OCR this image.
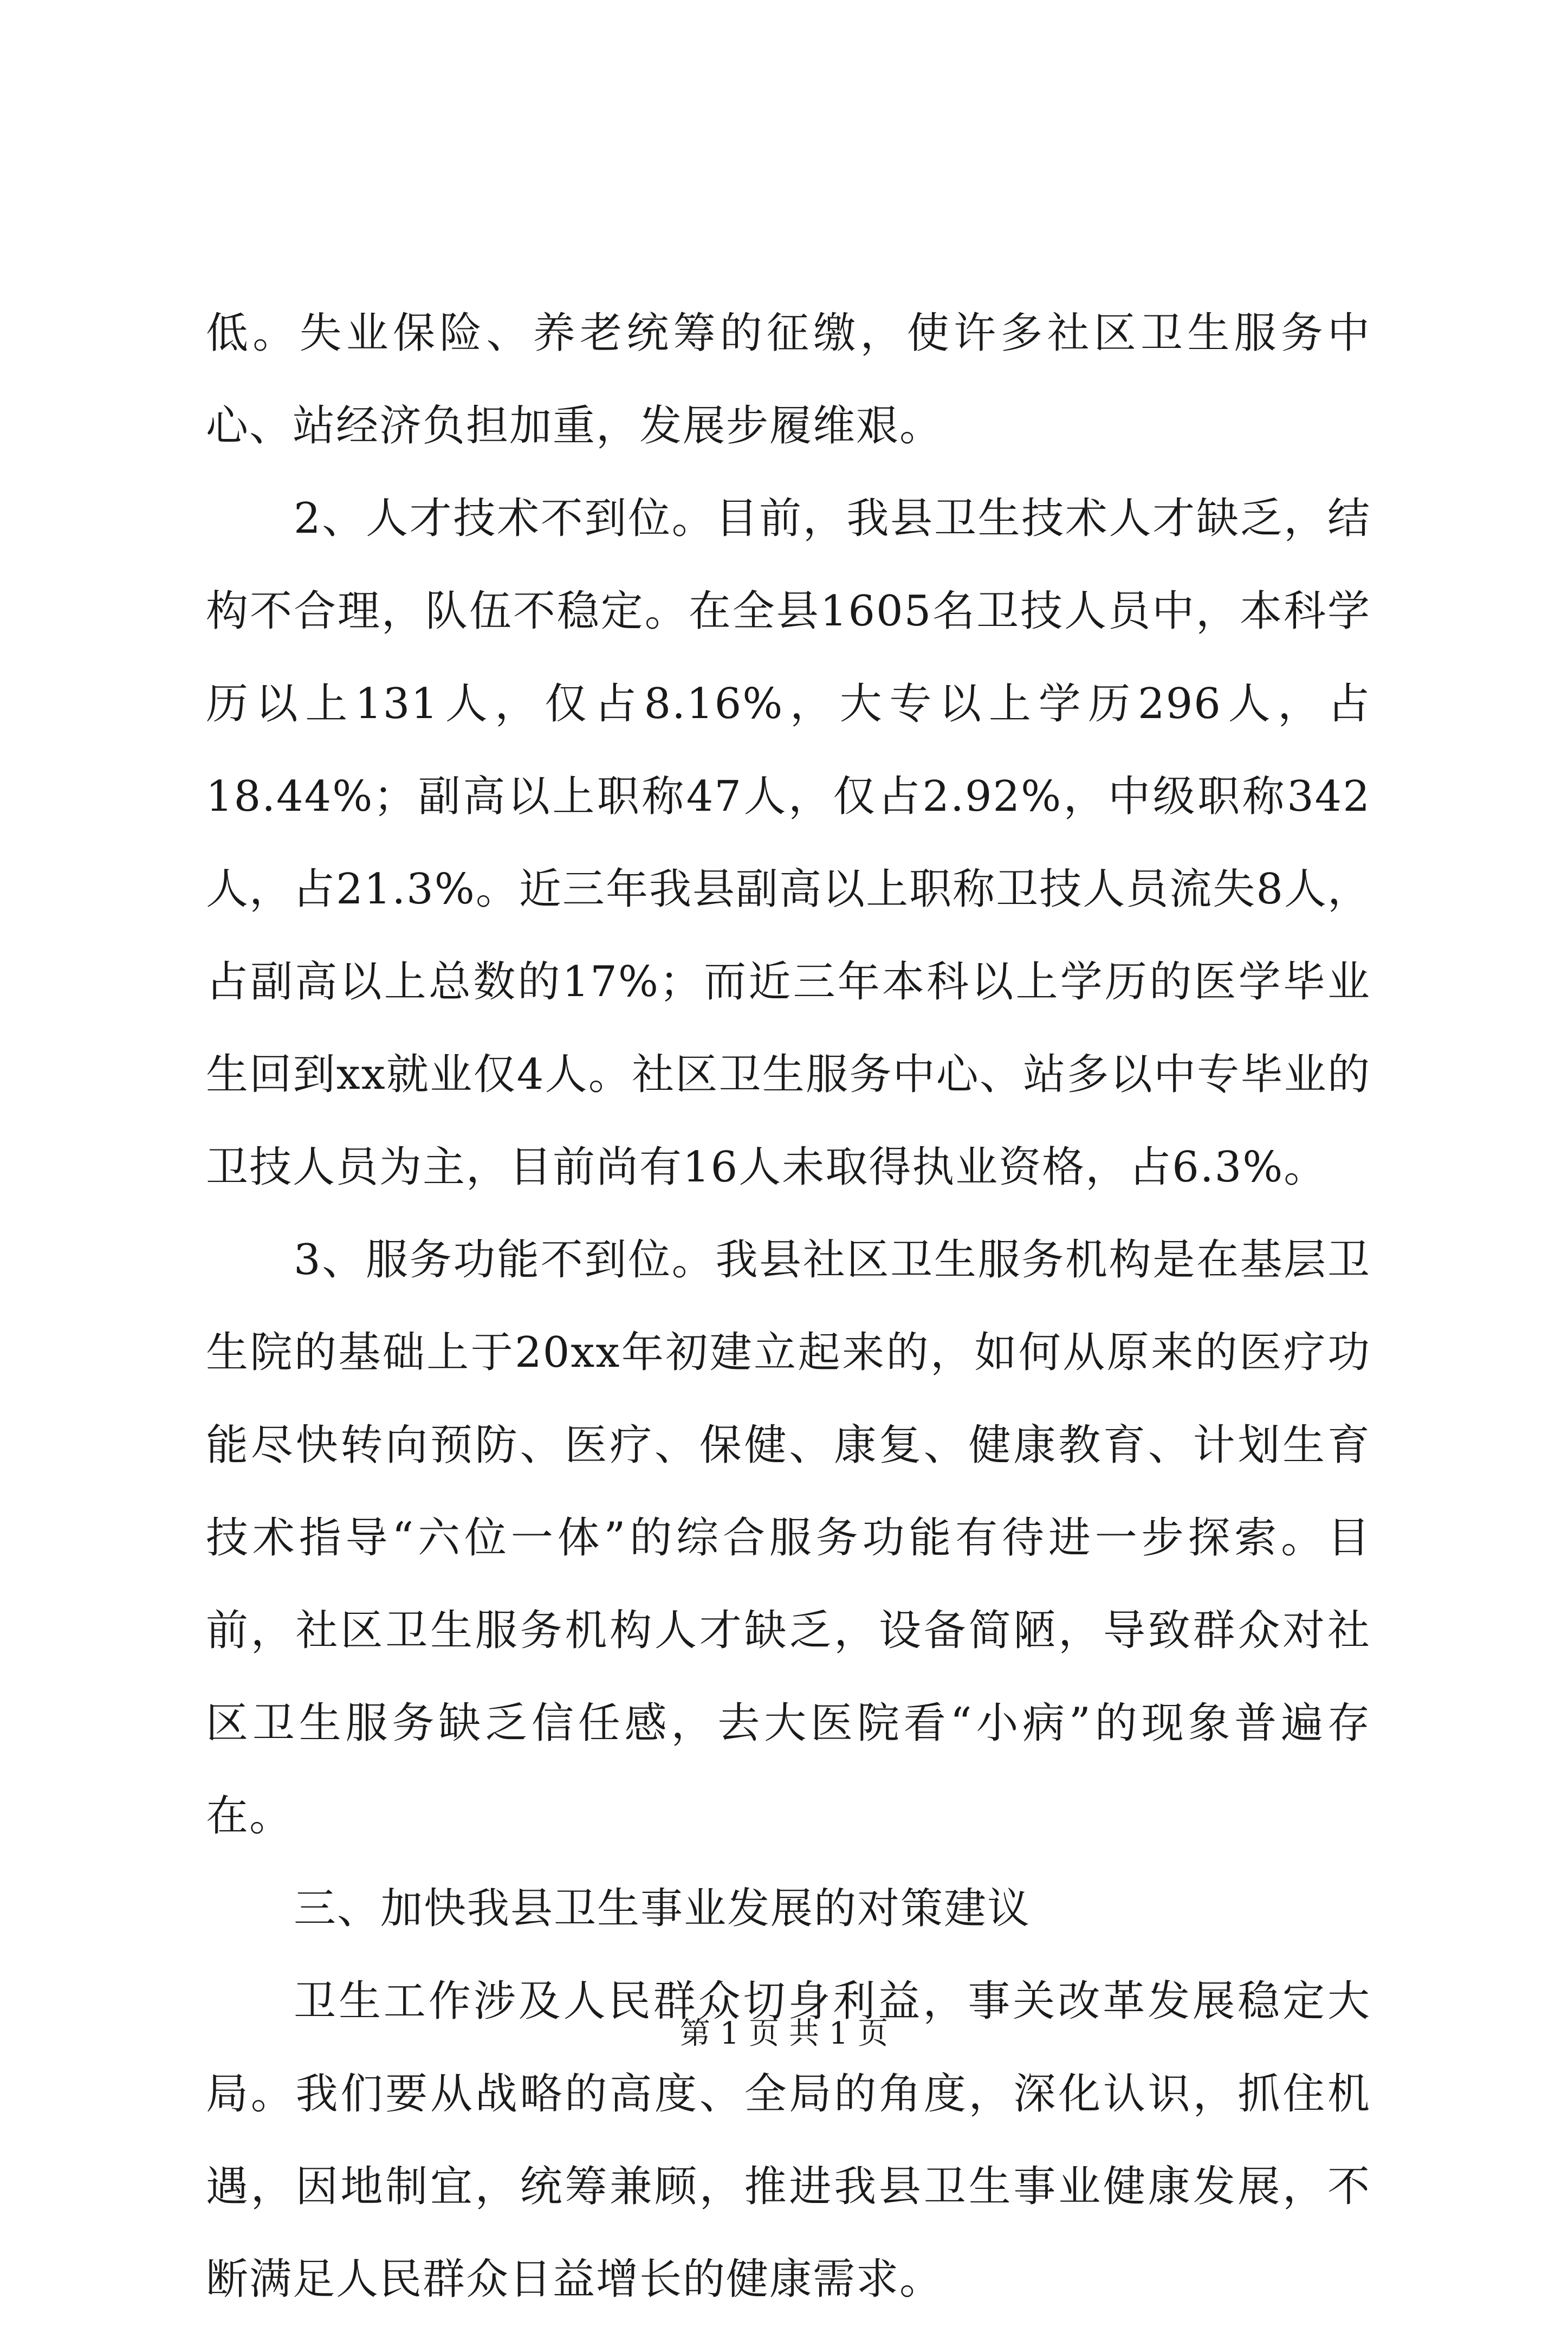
低。失业保险、养老统筹的征缴，使许多社区卫生服务中心、站经济负担加重，发展步履维艰。

2、人才技术不到位。目前，我县卫生技术人才缺乏，结构不合理，队伍不稳定。在全县1605名卫技人员中，本科学历以上131人，仅占8.16%，大专以上学历296人，占18.44%；副高以上职称47人，仅占2.92%，中级职称342人，占21.3%。近三年我县副高以上职称卫技人员流失8人，占副高以上总数的17%；而近三年本科以上学历的医学毕业生回到xx就业仅4人。社区卫生服务中心、站多以中专毕业的卫技人员为主，目前尚有16人未取得执业资格，占6.3%。

3、服务功能不到位。我县社区卫生服务机构是在基层卫生院的基础上于20xx年初建立起来的，如何从原来的医疗功能尽快转向预防、医疗、保健、康复、健康教育、计划生育技术指导“六位一体”的综合服务功能有待进一步探索。目前，社区卫生服务机构人才缺乏，设备简陋，导致群众对社区卫生服务缺乏信任感，去大医院看“小病”的现象普遍存在。

三、加快我县卫生事业发展的对策建议

卫生工作涉及人民群众切身利益，事关改革发展稳定大局。我们要从战略的高度、全局的角度，深化认识，抓住机遇，因地制宜，统筹兼顾，推进我县卫生事业健康发展，不断满足人民群众日益增长的健康需求。

第 1 页 共 1 页
